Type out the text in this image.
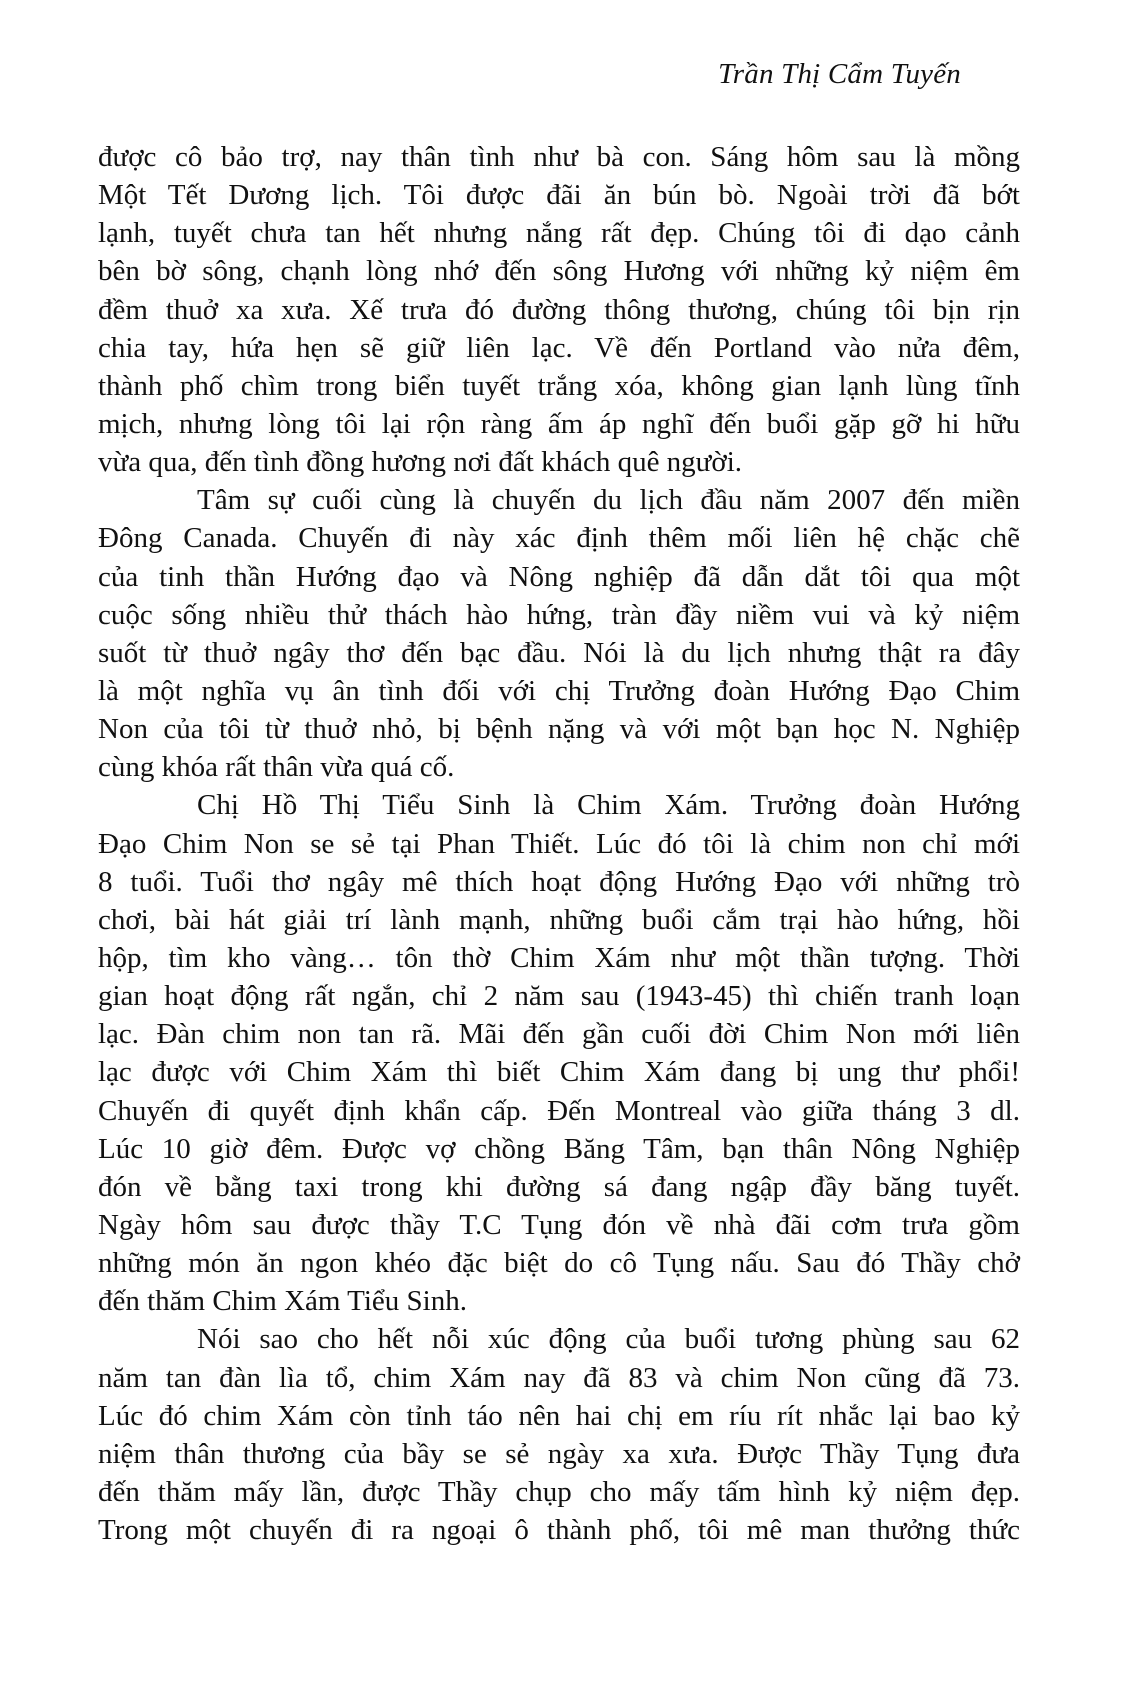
Trần Thị Cẩm Tuyến
được cô bảo trợ, nay thân tình như bà con. Sáng hôm sau là mồng
Một Tết Dương lịch. Tôi được đãi ăn bún bò. Ngoài trời đã bớt
lạnh, tuyết chưa tan hết nhưng nắng rất đẹp. Chúng tôi đi dạo cảnh
bên bờ sông, chạnh lòng nhớ đến sông Hương với những kỷ niệm êm
đềm thuở xa xưa. Xế trưa đó đường thông thương, chúng tôi bịn rịn
chia tay, hứa hẹn sẽ giữ liên lạc. Về đến Portland vào nửa đêm,
thành phố chìm trong biển tuyết trắng xóa, không gian lạnh lùng tĩnh
mịch, nhưng lòng tôi lại rộn ràng ấm áp nghĩ đến buổi gặp gỡ hi hữu
vừa qua, đến tình đồng hương nơi đất khách quê người.
Tâm sự cuối cùng là chuyến du lịch đầu năm 2007 đến miền
Đông Canada. Chuyến đi này xác định thêm mối liên hệ chặc chẽ
của tinh thần Hướng đạo và Nông nghiệp đã dẫn dắt tôi qua một
cuộc sống nhiều thử thách hào hứng, tràn đầy niềm vui và kỷ niệm
suốt từ thuở ngây thơ đến bạc đầu. Nói là du lịch nhưng thật ra đây
là một nghĩa vụ ân tình đối với chị Trưởng đoàn Hướng Đạo Chim
Non của tôi từ thuở nhỏ, bị bệnh nặng và với một bạn học N. Nghiệp
cùng khóa rất thân vừa quá cố.
Chị Hồ Thị Tiểu Sinh là Chim Xám. Trưởng đoàn Hướng
Đạo Chim Non se sẻ tại Phan Thiết. Lúc đó tôi là chim non chỉ mới
8 tuổi. Tuổi thơ ngây mê thích hoạt động Hướng Đạo với những trò
chơi, bài hát giải trí lành mạnh, những buổi cắm trại hào hứng, hồi
hộp, tìm kho vàng… tôn thờ Chim Xám như một thần tượng. Thời
gian hoạt động rất ngắn, chỉ 2 năm sau (1943-45) thì chiến tranh loạn
lạc. Đàn chim non tan rã. Mãi đến gần cuối đời Chim Non mới liên
lạc được với Chim Xám thì biết Chim Xám đang bị ung thư phổi!
Chuyến đi quyết định khẩn cấp. Đến Montreal vào giữa tháng 3 dl.
Lúc 10 giờ đêm. Được vợ chồng Băng Tâm, bạn thân Nông Nghiệp
đón về bằng taxi trong khi đường sá đang ngập đầy băng tuyết.
Ngày hôm sau được thầy T.C Tụng đón về nhà đãi cơm trưa gồm
những món ăn ngon khéo đặc biệt do cô Tụng nấu. Sau đó Thầy chở
đến thăm Chim Xám Tiểu Sinh.
Nói sao cho hết nỗi xúc động của buổi tương phùng sau 62
năm tan đàn lìa tổ, chim Xám nay đã 83 và chim Non cũng đã 73.
Lúc đó chim Xám còn tỉnh táo nên hai chị em ríu rít nhắc lại bao kỷ
niệm thân thương của bầy se sẻ ngày xa xưa. Được Thầy Tụng đưa
đến thăm mấy lần, được Thầy chụp cho mấy tấm hình kỷ niệm đẹp.
Trong một chuyến đi ra ngoại ô thành phố, tôi mê man thưởng thức
